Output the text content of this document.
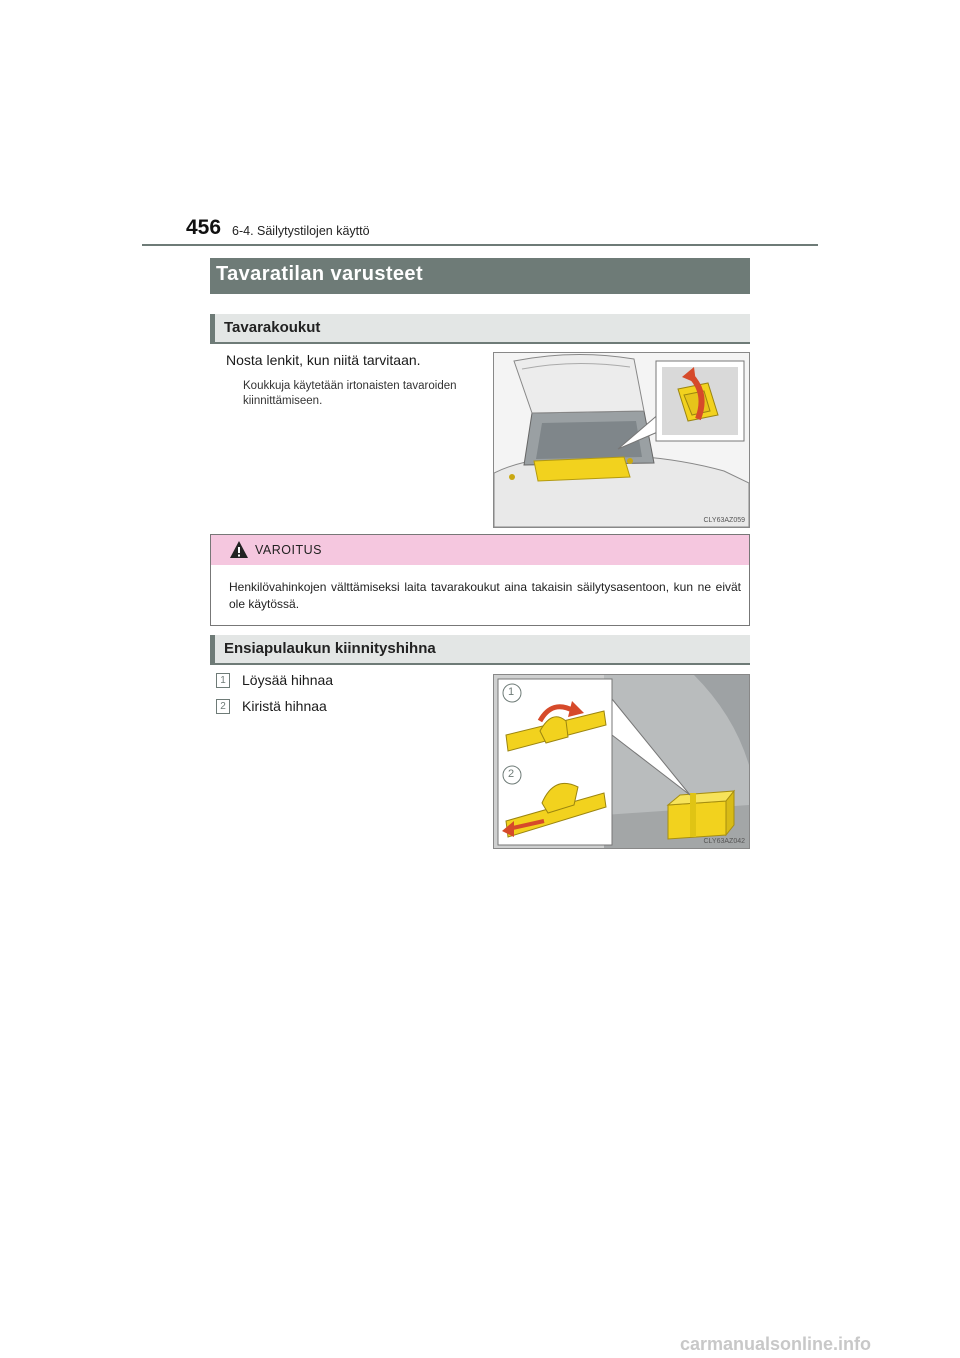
456 6-4. Säilytystilojen käyttö
Tavaratilan varusteet
Tavarakoukut
Nosta lenkit, kun niitä tarvitaan.
Koukkuja käytetään irtonaisten tavaroiden
kiinnittämiseen.
CLY63AZ059
VAROITUS
Henkilövahinkojen välttämiseksi laita tavarakoukut aina takaisin säilytysasentoon, kun ne eivät ole käytössä.
Ensiapulaukun kiinnityshihna
1	Löysää hihnaa
2	Kiristä hihnaa
1
2
CLY63AZ042
carmanualsonline.info
